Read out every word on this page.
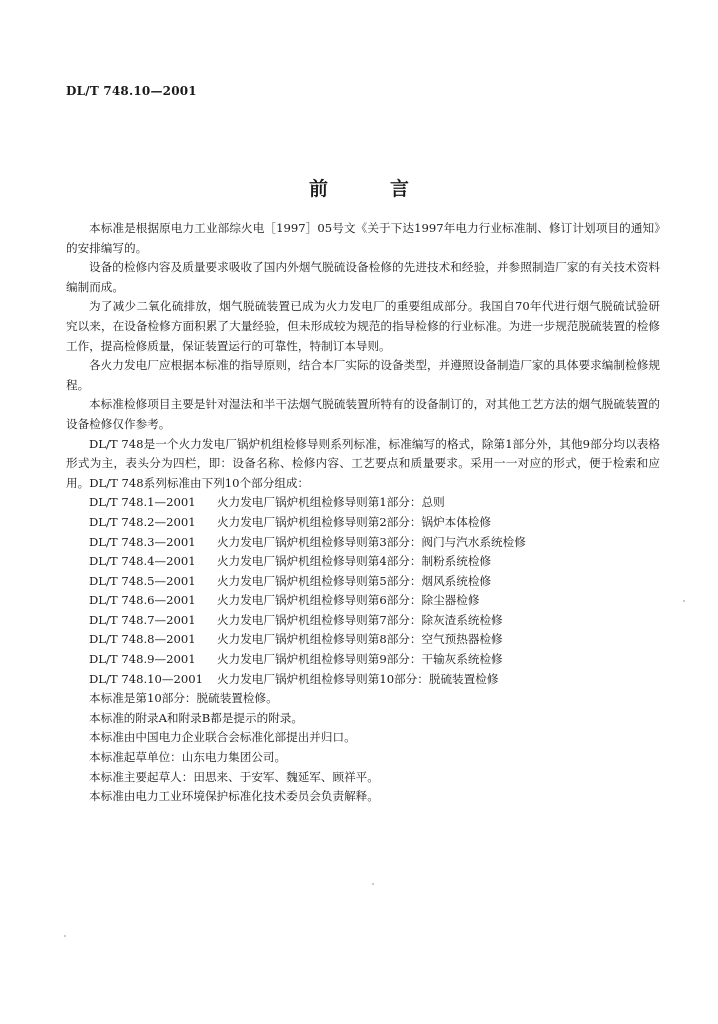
DL/T 748.10—2001
前	言

本标准是根据原电力工业部综火电［1997］05号文《关于下达1997年电力行业标准制、修订计划项目的通知》的安排编写的。

设备的检修内容及质量要求吸收了国内外烟气脱硫设备检修的先进技术和经验，并参照制造厂家的有关技术资料编制而成。

为了减少二氧化硫排放，烟气脱硫装置已成为火力发电厂的重要组成部分。我国自70年代进行烟气脱硫试验研究以来，在设备检修方面积累了大量经验，但未形成较为规范的指导检修的行业标准。为进一步规范脱硫装置的检修工作，提高检修质量，保证装置运行的可靠性，特制订本导则。

各火力发电厂应根据本标准的指导原则，结合本厂实际的设备类型，并遵照设备制造厂家的具体要求编制检修规程。

本标准检修项目主要是针对湿法和半干法烟气脱硫装置所特有的设备制订的，对其他工艺方法的烟气脱硫装置的设备检修仅作参考。

DL/T 748是一个火力发电厂锅炉机组检修导则系列标准，标准编写的格式，除第1部分外，其他9部分均以表格形式为主，表头分为四栏，即：设备名称、检修内容、工艺要点和质量要求。采用一一对应的形式，便于检索和应用。DL/T 748系列标准由下列10个部分组成：

DL/T 748.1—2001 火力发电厂锅炉机组检修导则第1部分：总则
DL/T 748.2—2001 火力发电厂锅炉机组检修导则第2部分：锅炉本体检修
DL/T 748.3—2001 火力发电厂锅炉机组检修导则第3部分：阀门与汽水系统检修
DL/T 748.4—2001 火力发电厂锅炉机组检修导则第4部分：制粉系统检修
DL/T 748.5—2001 火力发电厂锅炉机组检修导则第5部分：烟风系统检修
DL/T 748.6—2001 火力发电厂锅炉机组检修导则第6部分：除尘器检修
DL/T 748.7—2001 火力发电厂锅炉机组检修导则第7部分：除灰渣系统检修
DL/T 748.8—2001 火力发电厂锅炉机组检修导则第8部分：空气预热器检修
DL/T 748.9—2001 火力发电厂锅炉机组检修导则第9部分：干输灰系统检修
DL/T 748.10—2001 火力发电厂锅炉机组检修导则第10部分：脱硫装置检修

本标准是第10部分：脱硫装置检修。

本标准的附录A和附录B都是提示的附录。

本标准由中国电力企业联合会标准化部提出并归口。

本标准起草单位：山东电力集团公司。

本标准主要起草人：田思来、于安军、魏延军、顾祥平。

本标准由电力工业环境保护标准化技术委员会负责解释。
